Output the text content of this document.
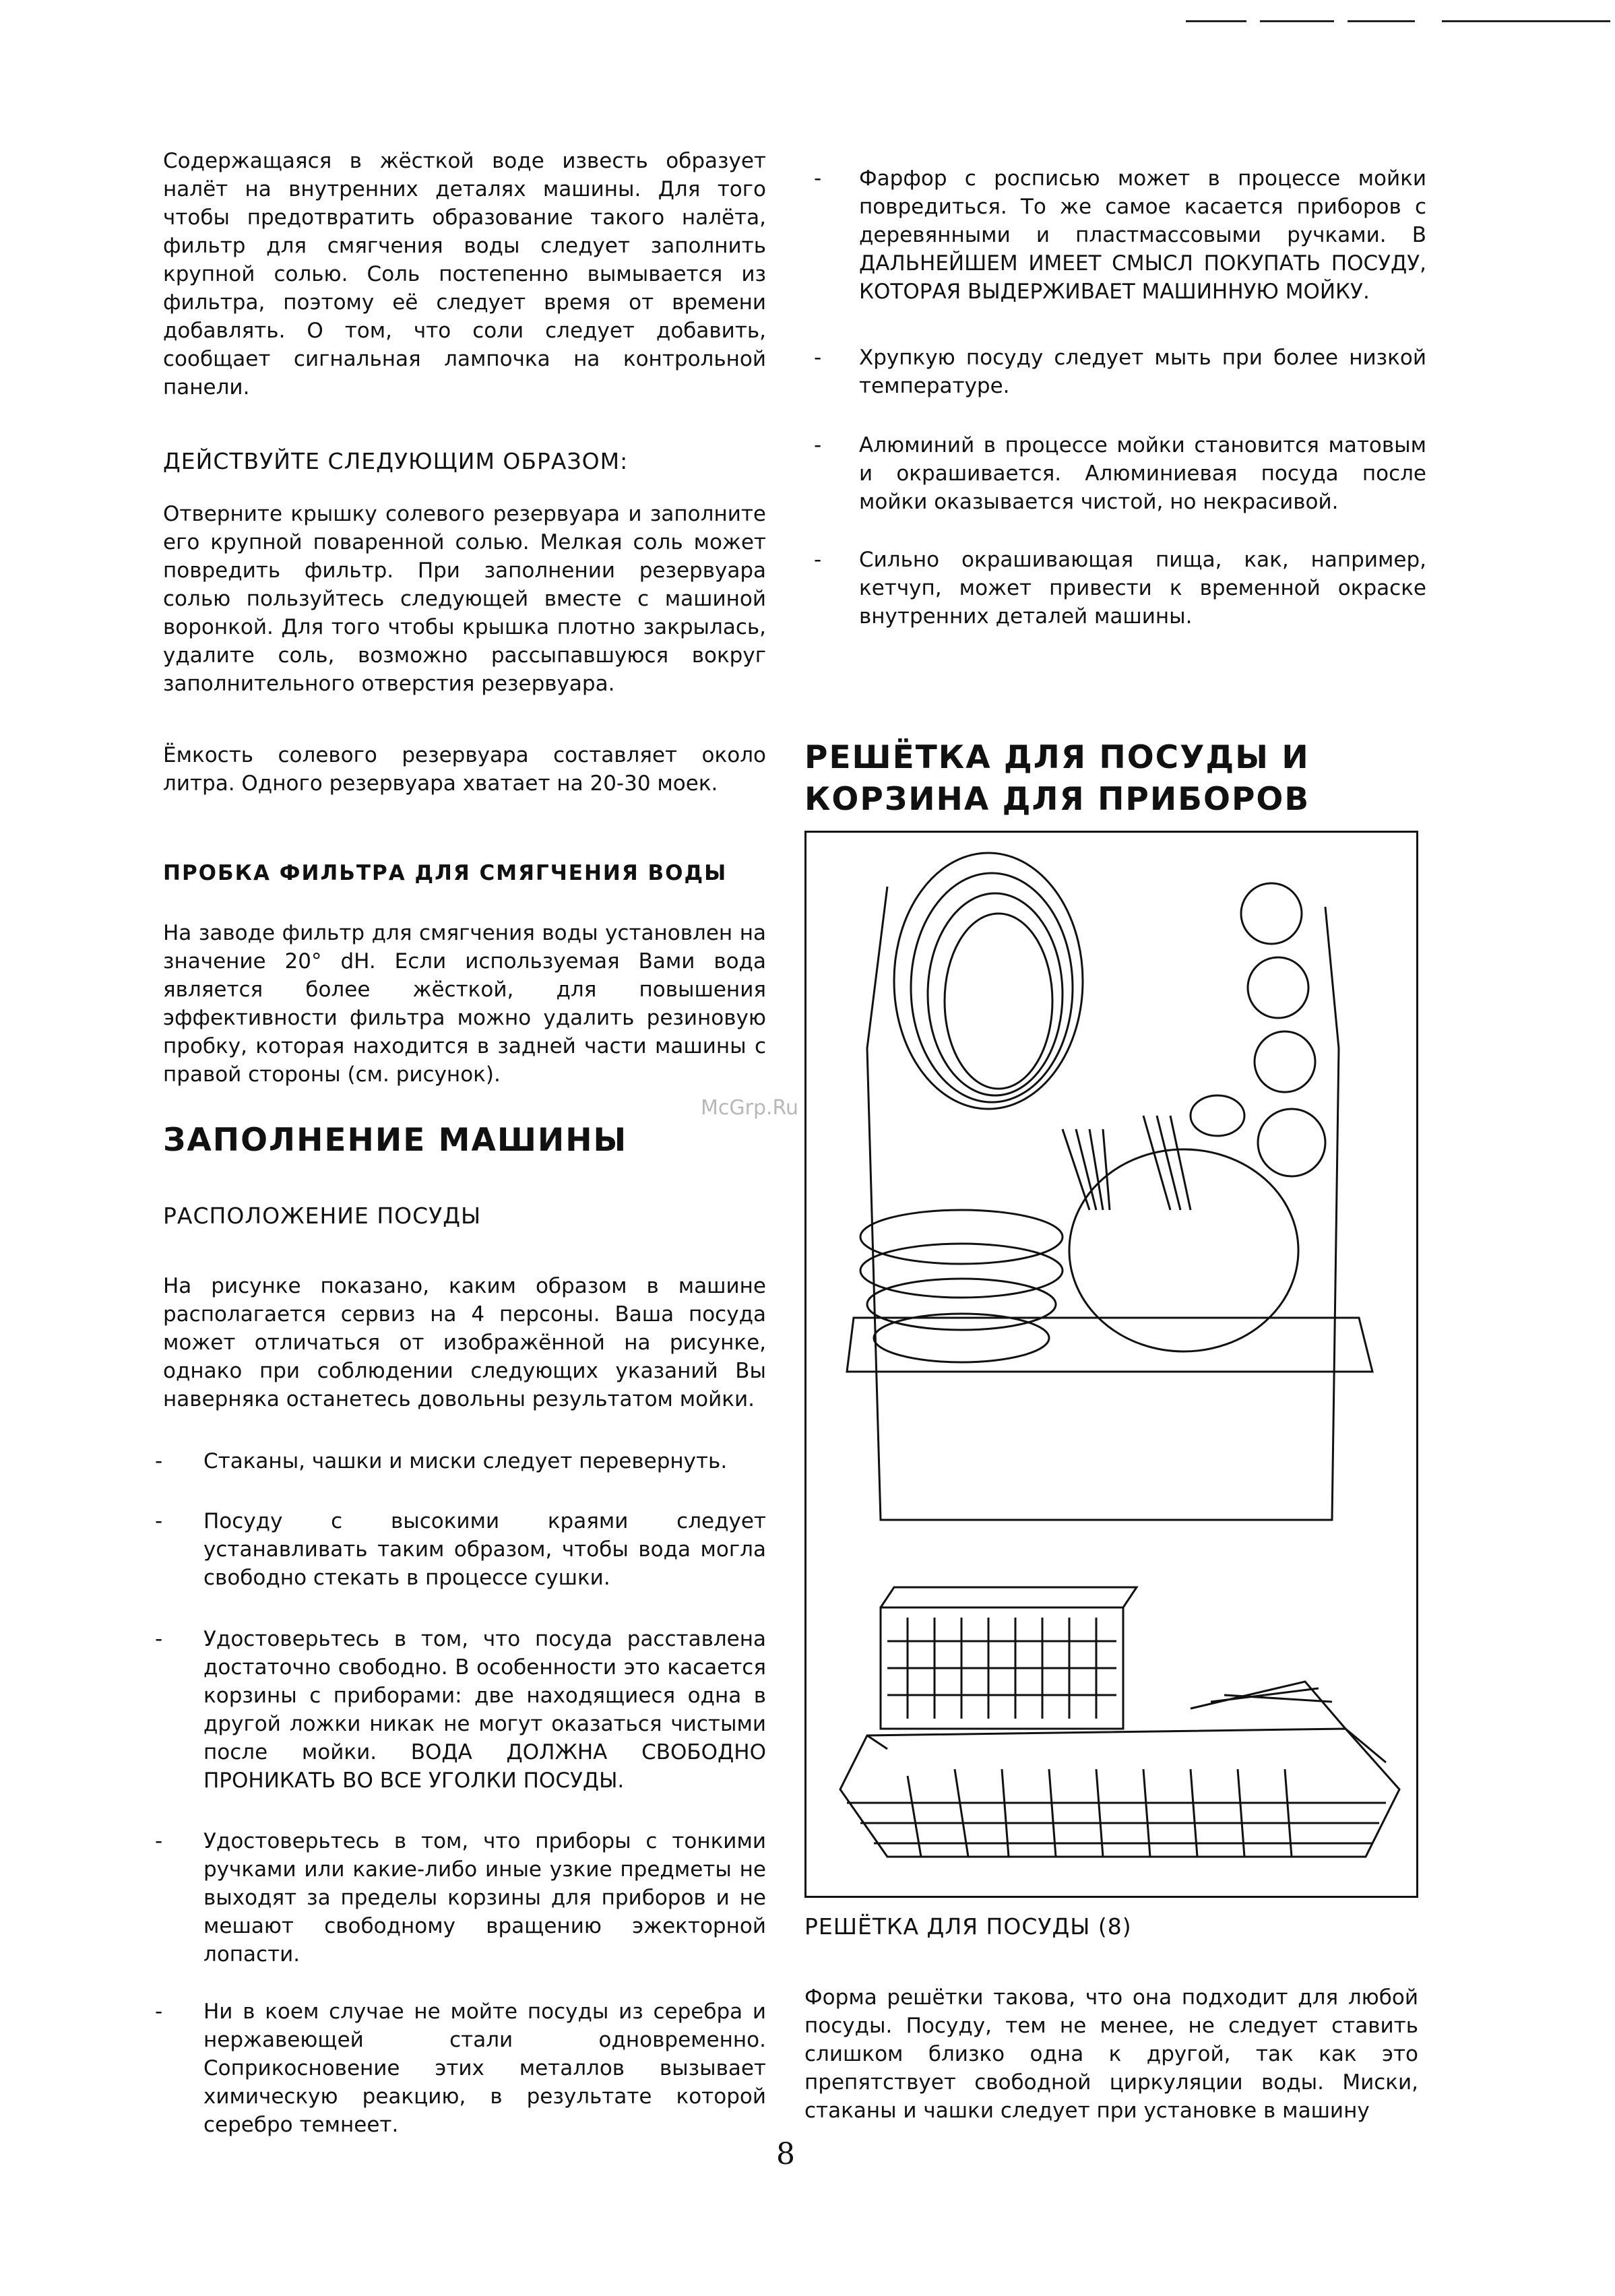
Содержащаяся в жёсткой воде известь образует налёт на внутренних деталях машины. Для того чтобы предотвратить образование такого налёта, фильтр для смягчения воды следует заполнить крупной солью. Соль постепенно вымывается из фильтра, поэтому её следует время от времени добавлять. О том, что соли следует добавить, сообщает сигнальная лампочка на контрольной панели.

ДЕЙСТВУЙТЕ СЛЕДУЮЩИМ ОБРАЗОМ:

Отверните крышку солевого резервуара и заполните его крупной поваренной солью. Мелкая соль может повредить фильтр. При заполнении резервуара солью пользуйтесь следующей вместе с машиной воронкой. Для того чтобы крышка плотно закрылась, удалите соль, возможно рассыпавшуюся вокруг заполнительного отверстия резервуара.

Ёмкость солевого резервуара составляет около литра. Одного резервуара хватает на 20-30 моек.

ПРОБКА ФИЛЬТРА ДЛЯ СМЯГЧЕНИЯ ВОДЫ

На заводе фильтр для смягчения воды установлен на значение 20° dH. Если используемая Вами вода является более жёсткой, для повышения эффективности фильтра можно удалить резиновую пробку, которая находится в задней части машины с правой стороны (см. рисунок).

ЗАПОЛНЕНИЕ МАШИНЫ

РАСПОЛОЖЕНИЕ ПОСУДЫ

На рисунке показано, каким образом в машине располагается сервиз на 4 персоны. Ваша посуда может отличаться от изображённой на рисунке, однако при соблюдении следующих указаний Вы наверняка останетесь довольны результатом мойки.

- Стаканы, чашки и миски следует перевернуть.

- Посуду с высокими краями следует устанавливать таким образом, чтобы вода могла свободно стекать в процессе сушки.

- Удостоверьтесь в том, что посуда расставлена достаточно свободно. В особенности это касается корзины с приборами: две находящиеся одна в другой ложки никак не могут оказаться чистыми после мойки. ВОДА ДОЛЖНА СВОБОДНО ПРОНИКАТЬ ВО ВСЕ УГОЛКИ ПОСУДЫ.

- Удостоверьтесь в том, что приборы с тонкими ручками или какие-либо иные узкие предметы не выходят за пределы корзины для приборов и не мешают свободному вращению эжекторной лопасти.

- Ни в коем случае не мойте посуды из серебра и нержавеющей стали одновременно. Соприкосновение этих металлов вызывает химическую реакцию, в результате которой серебро темнеет.

- Фарфор с росписью может в процессе мойки повредиться. То же самое касается приборов с деревянными и пластмассовыми ручками. В ДАЛЬНЕЙШЕМ ИМЕЕТ СМЫСЛ ПОКУПАТЬ ПОСУДУ, КОТОРАЯ ВЫДЕРЖИВАЕТ МАШИННУЮ МОЙКУ.

- Хрупкую посуду следует мыть при более низкой температуре.

- Алюминий в процессе мойки становится матовым и окрашивается. Алюминиевая посуда после мойки оказывается чистой, но некрасивой.

- Сильно окрашивающая пища, как, например, кетчуп, может привести к временной окраске внутренних деталей машины.

РЕШЁТКА ДЛЯ ПОСУДЫ И

КОРЗИНА ДЛЯ ПРИБОРОВ

РЕШЁТКА ДЛЯ ПОСУДЫ (8)

Форма решётки такова, что она подходит для любой посуды. Посуду, тем не менее, не следует ставить слишком близко одна к другой, так как это препятствует свободной циркуляции воды. Миски, стаканы и чашки следует при установке в машину

McGrp.Ru
8
